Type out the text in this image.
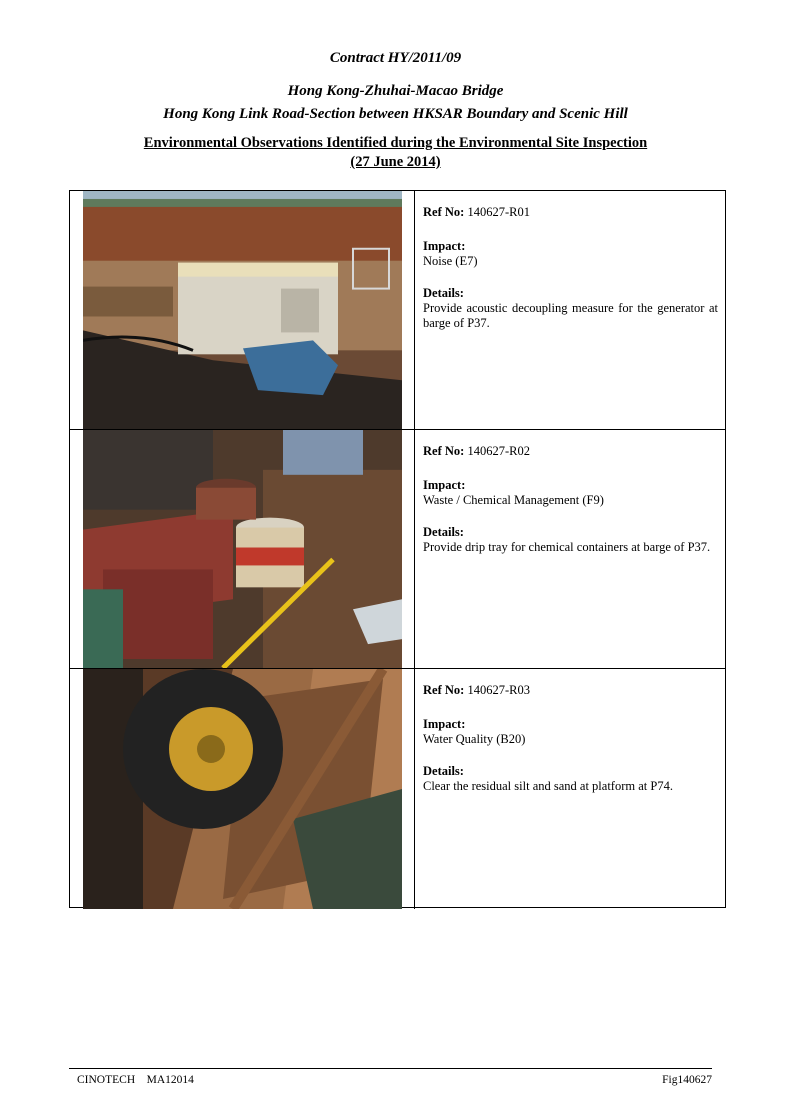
Contract HY/2011/09
Hong Kong-Zhuhai-Macao Bridge
Hong Kong Link Road-Section between HKSAR Boundary and Scenic Hill
Environmental Observations Identified during the Environmental Site Inspection
(27 June 2014)
Ref No: 140627-R01
Impact:
Noise (E7)
Details:
Provide acoustic decoupling measure for the generator at barge of P37.
Ref No: 140627-R02
Impact:
Waste / Chemical Management (F9)
Details:
Provide drip tray for chemical containers at barge of P37.
Ref No: 140627-R03
Impact:
Water Quality (B20)
Details:
Clear the residual silt and sand at platform at P74.
CINOTECH    MA12014	Fig140627
